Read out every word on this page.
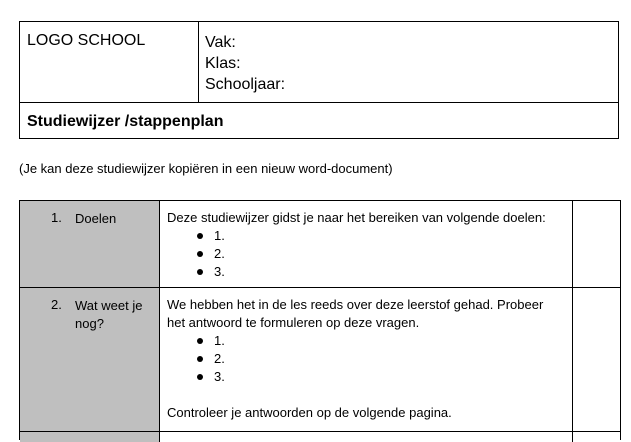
LOGO SCHOOL	Vak:
Klas:
Schooljaar:
Studiewijzer /stappenplan
(Je kan deze studiewijzer kopiëren in een nieuw word-document)
1. Doelen	Deze studiewijzer gidst je naar het bereiken van volgende doelen:
1.
2.
3.
2. Wat weet je nog?
We hebben het in de les reeds over deze leerstof gehad. Probeer
het antwoord te formuleren op deze vragen.
1.
2.
3.
Controleer je antwoorden op de volgende pagina.
